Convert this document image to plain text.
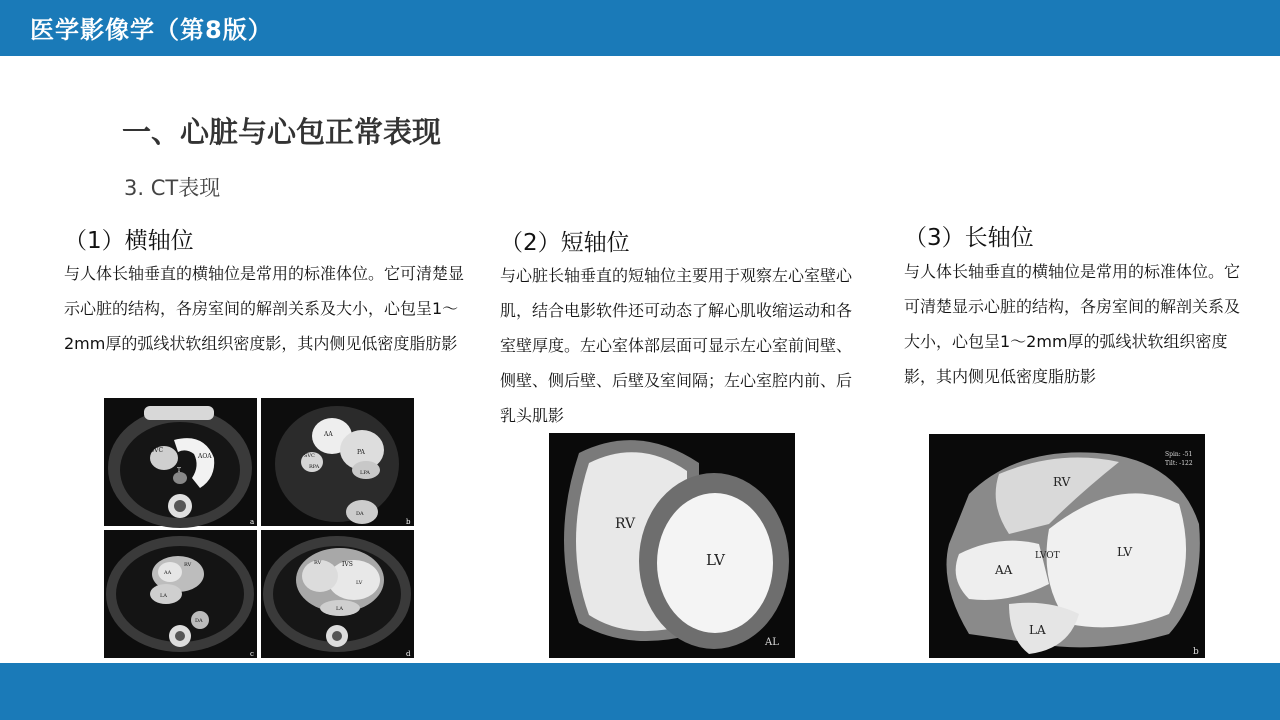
医学影像学（第8版）
一、心脏与心包正常表现
3. CT表现
（1）横轴位
与人体长轴垂直的横轴位是常用的标准体位。它可清楚显示心脏的结构，各房室间的解剖关系及大小，心包呈1～2mm厚的弧线状软组织密度影，其内侧见低密度脂肪影
SVC
AOA
T
a
AA
SVC
RPA
PA
LPA
DA
b
RV
AA
LA
DA
c
IVS
RV
LV
LA
d
（2）短轴位
与心脏长轴垂直的短轴位主要用于观察左心室壁心肌，结合电影软件还可动态了解心肌收缩运动和各室壁厚度。左心室体部层面可显示左心室前间壁、侧壁、侧后壁、后壁及室间隔；左心室腔内前、后乳头肌影
RV
LV
AL
（3）长轴位
与人体长轴垂直的横轴位是常用的标准体位。它可清楚显示心脏的结构，各房室间的解剖关系及大小，心包呈1～2mm厚的弧线状软组织密度影，其内侧见低密度脂肪影
RV
LV
LVOT
AA
LA
Spin: -51
Tilt: -122
b
